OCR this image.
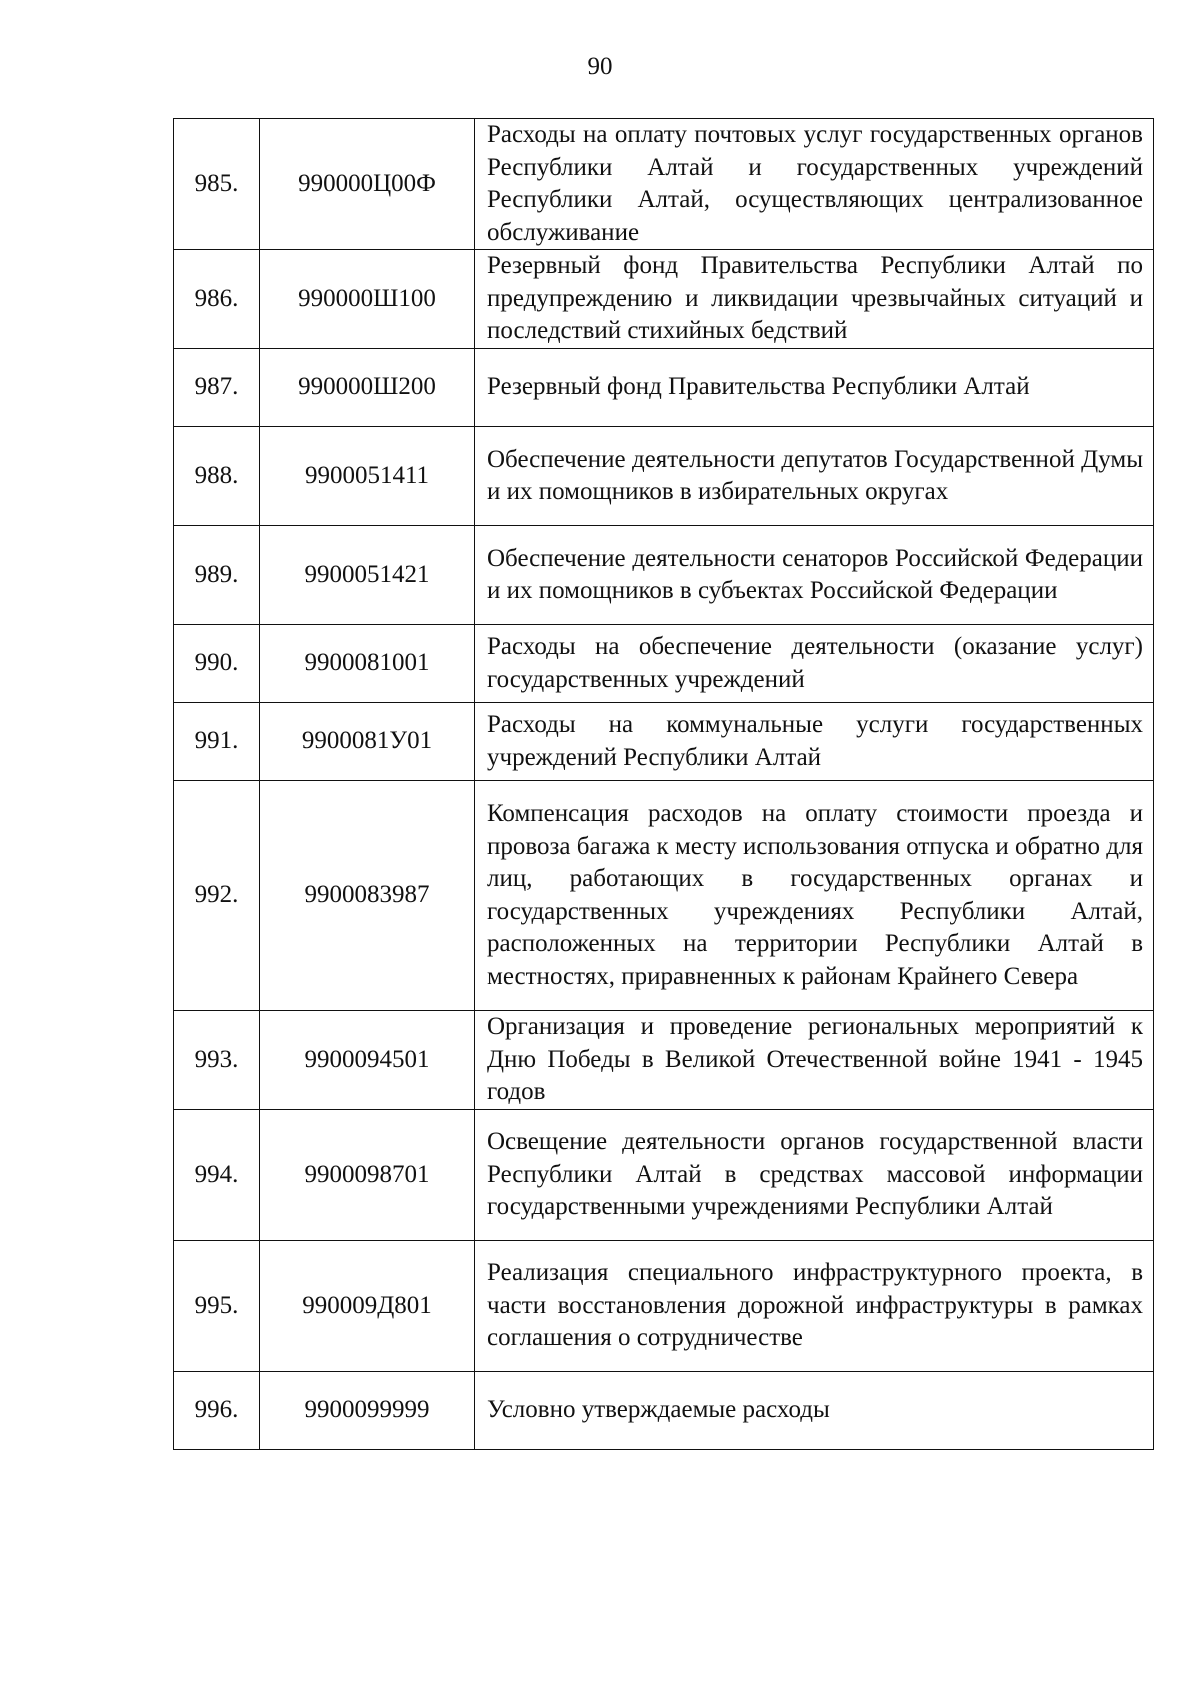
90
985.	990000Ц00Ф	Расходы на оплату почтовых услуг государственных органов Республики Алтай и государственных учреждений Республики Алтай, осуществляющих централизованное обслуживание
986.	990000Ш100	Резервный фонд Правительства Республики Алтай по предупреждению и ликвидации чрезвычайных ситуаций и последствий стихийных бедствий
987.	990000Ш200	Резервный фонд Правительства Республики Алтай
988.	9900051411	Обеспечение деятельности депутатов Государственной Думы и их помощников в избирательных округах
989.	9900051421	Обеспечение деятельности сенаторов Российской Федерации и их помощников в субъектах Российской Федерации
990.	9900081001	Расходы на обеспечение деятельности (оказание услуг) государственных учреждений
991.	9900081У01	Расходы на коммунальные услуги государственных учреждений Республики Алтай
992.	9900083987	Компенсация расходов на оплату стоимости проезда и провоза багажа к месту использования отпуска и обратно для лиц, работающих в государственных органах и государственных учреждениях Республики Алтай, расположенных на территории Республики Алтай в местностях, приравненных к районам Крайнего Севера
993.	9900094501	Организация и проведение региональных мероприятий к Дню Победы в Великой Отечественной войне 1941 - 1945 годов
994.	9900098701	Освещение деятельности органов государственной власти Республики Алтай в средствах массовой информации государственными учреждениями Республики Алтай
995.	990009Д801	Реализация специального инфраструктурного проекта, в части восстановления дорожной инфраструктуры в рамках соглашения о сотрудничестве
996.	9900099999	Условно утверждаемые расходы
